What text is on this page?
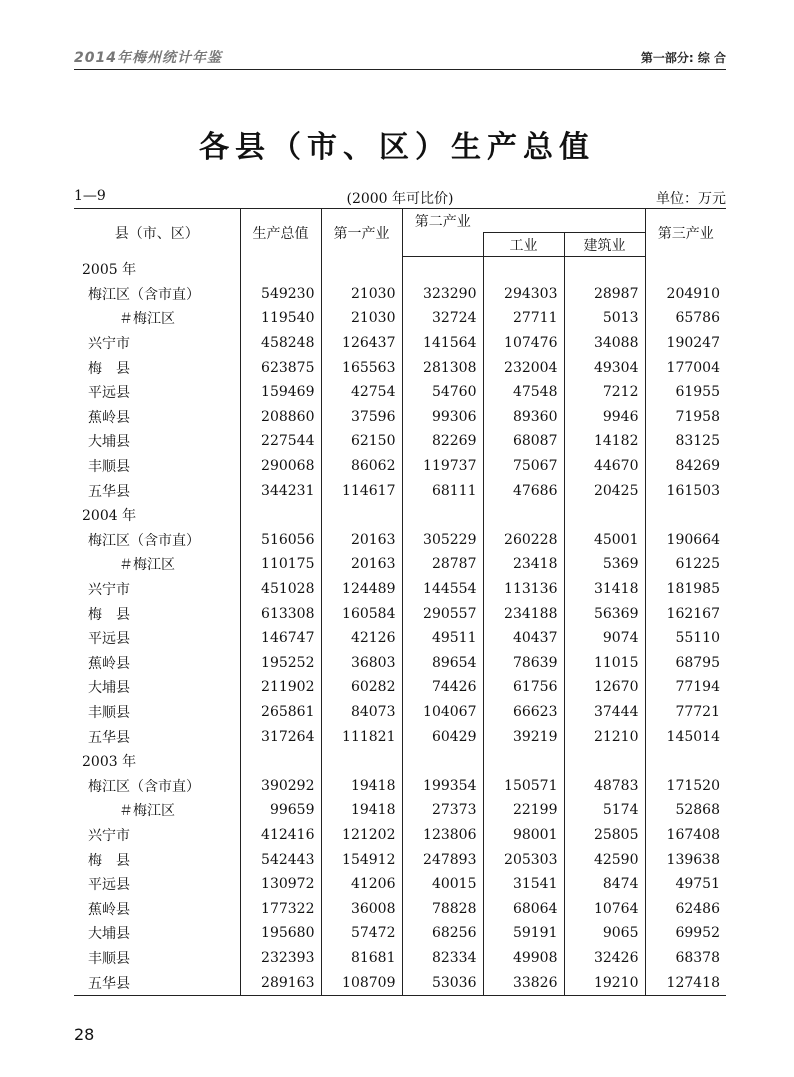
2014年梅州统计年鉴	第一部分: 综 合
各县（市、区）生产总值
1—9	(2000 年可比价)	单位：万元
县（市、区）	生产总值	第一产业	第二产业			第三产业
				工业	建筑业	
2005 年						
梅江区（含市直）	549230	21030	323290	294303	28987	204910
＃梅江区	119540	21030	32724	27711	5013	65786
兴宁市	458248	126437	141564	107476	34088	190247
梅　县	623875	165563	281308	232004	49304	177004
平远县	159469	42754	54760	47548	7212	61955
蕉岭县	208860	37596	99306	89360	9946	71958
大埔县	227544	62150	82269	68087	14182	83125
丰顺县	290068	86062	119737	75067	44670	84269
五华县	344231	114617	68111	47686	20425	161503
2004 年						
梅江区（含市直）	516056	20163	305229	260228	45001	190664
＃梅江区	110175	20163	28787	23418	5369	61225
兴宁市	451028	124489	144554	113136	31418	181985
梅　县	613308	160584	290557	234188	56369	162167
平远县	146747	42126	49511	40437	9074	55110
蕉岭县	195252	36803	89654	78639	11015	68795
大埔县	211902	60282	74426	61756	12670	77194
丰顺县	265861	84073	104067	66623	37444	77721
五华县	317264	111821	60429	39219	21210	145014
2003 年						
梅江区（含市直）	390292	19418	199354	150571	48783	171520
＃梅江区	99659	19418	27373	22199	5174	52868
兴宁市	412416	121202	123806	98001	25805	167408
梅　县	542443	154912	247893	205303	42590	139638
平远县	130972	41206	40015	31541	8474	49751
蕉岭县	177322	36008	78828	68064	10764	62486
大埔县	195680	57472	68256	59191	9065	69952
丰顺县	232393	81681	82334	49908	32426	68378
五华县	289163	108709	53036	33826	19210	127418
28
